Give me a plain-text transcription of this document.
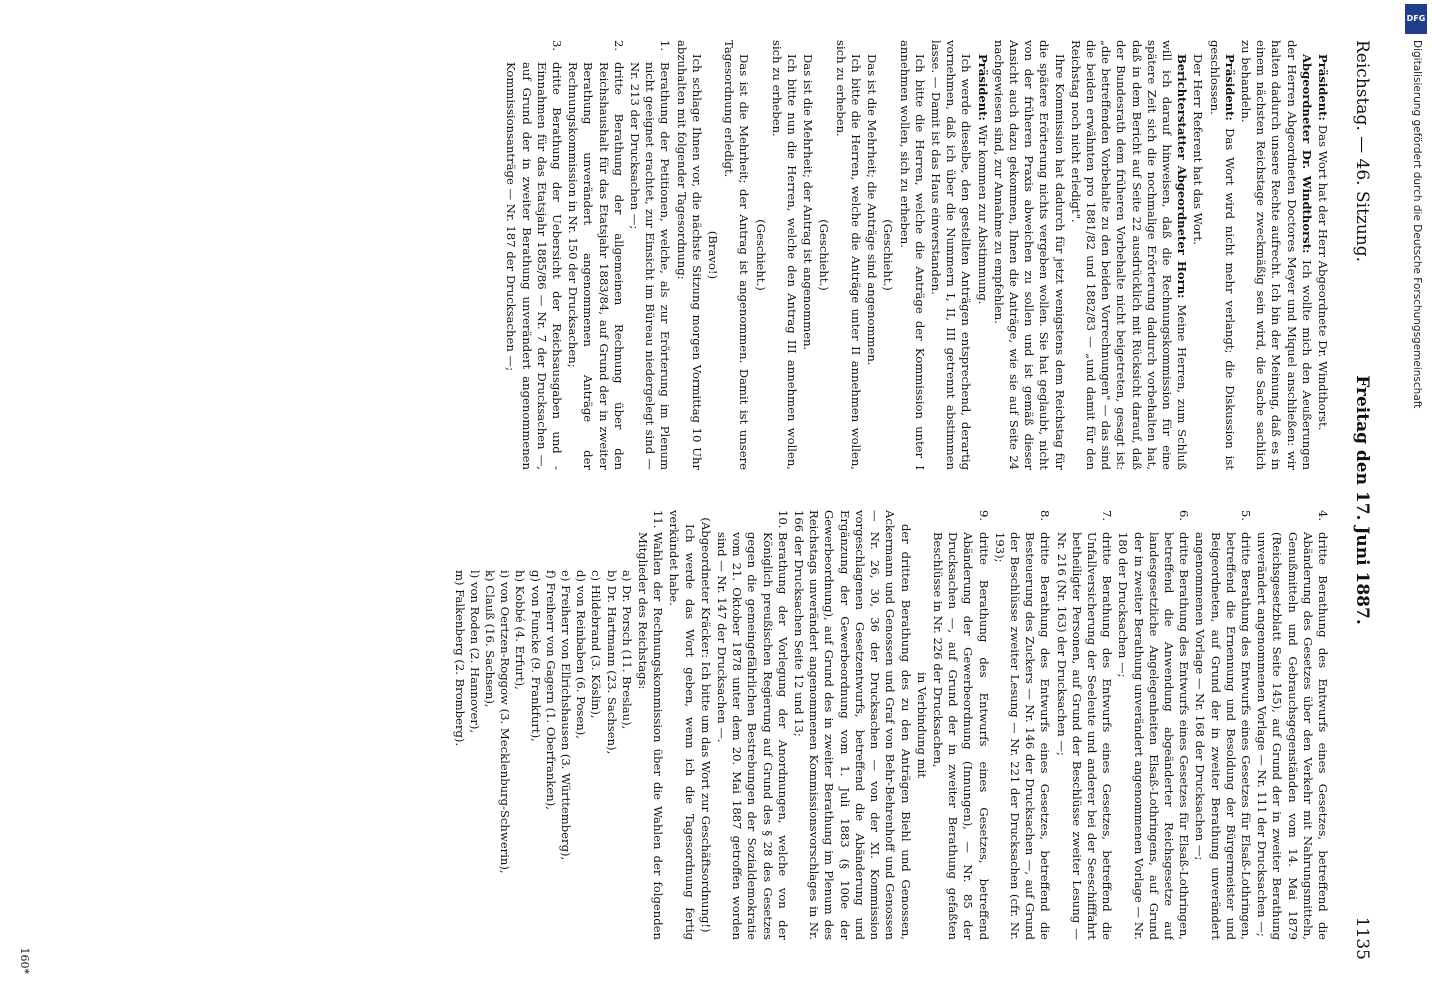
Reichstag. — 46. Sitzung.
Freitag den 17. Juni 1887.
1135

Präsident: Das Wort hat der Herr Abgeordnete Dr. Windthorst.

Abgeordneter Dr. Windthorst: Ich wollte mich den Aeußerungen der Herren Abgeordneten Doctores Meyer und Miquel anschließen: wir halten dadurch unsere Rechte aufrecht. Ich bin der Meinung, daß es in einem nächsten Reichstage zweckmäßig sein wird, die Sache sachlich zu behandeln.

Präsident: Das Wort wird nicht mehr verlangt; die Diskussion ist geschlossen.

Der Herr Referent hat das Wort.

Berichterstatter Abgeordneter Horn: Meine Herren, zum Schluß will ich darauf hinweisen, daß die Rechnungskommission für eine spätere Zeit sich die nochmalige Erörterung dadurch vorbehalten hat, daß in dem Bericht auf Seite 22 ausdrücklich mit Rücksicht darauf, daß der Bundesrath dem früheren Vorbehalte nicht beigetreten, gesagt ist: „die betreffenden Vorbehalte zu den beiden Vorrechnungen" — das sind die beiden erwähnten pro 1881/82 und 1882/83 — „und damit für den Reichstag noch nicht erledigt".

Ihre Kommission hat dadurch für jetzt wenigstens dem Reichstag für die spätere Erörterung nichts vergeben wollen. Sie hat geglaubt, nicht von der früheren Praxis abweichen zu sollen und ist gemäß dieser Ansicht auch dazu gekommen, Ihnen die Anträge, wie sie auf Seite 24 nachgewiesen sind, zur Annahme zu empfehlen.

Präsident: Wir kommen zur Abstimmung.

Ich werde dieselbe, den gestellten Anträgen entsprechend, derartig vornehmen, daß ich über die Nummern I, II, III getrennt abstimmen lasse. — Damit ist das Haus einverstanden.

Ich bitte die Herren, welche die Anträge der Kommission unter I annehmen wollen, sich zu erheben.

(Geschieht.)

Das ist die Mehrheit; die Anträge sind angenommen.

Ich bitte die Herren, welche die Anträge unter II annehmen wollen, sich zu erheben.

(Geschieht.)

Das ist die Mehrheit; der Antrag ist angenommen.

Ich bitte nun die Herren, welche den Antrag III annehmen wollen, sich zu erheben.

(Geschieht.)

Das ist die Mehrheit; der Antrag ist angenommen. Damit ist unsere Tagesordnung erledigt.

(Bravo!)

Ich schlage Ihnen vor, die nächste Sitzung morgen Vormittag 10 Uhr abzuhalten mit folgender Tagesordnung:

1.
Berathung der Petitionen, welche, als zur Erörterung im Plenum nicht geeignet erachtet, zur Einsicht im Büreau niedergelegt sind — Nr. 213 der Drucksachen —;
2.
dritte Berathung der allgemeinen Rechnung über den Reichshaushalt für das Etatsjahr 1883/84, auf Grund der in zweiter Berathung unverändert angenommenen Anträge der Rechnungskommission in Nr. 150 der Drucksachen;
3.
dritte Berathung der Uebersicht der Reichsausgaben und -Einnahmen für das Etatsjahr 1885/86 — Nr. 7 der Drucksachen —, auf Grund der in zweiter Berathung unverändert angenommenen Kommissionsanträge — Nr. 187 der Drucksachen —;
4.
dritte Berathung des Entwurfs eines Gesetzes, betreffend die Abänderung des Gesetzes über den Verkehr mit Nahrungsmitteln, Genußmitteln und Gebrauchsgegenständen vom 14. Mai 1879 (Reichsgesetzblatt Seite 145), auf Grund der in zweiter Berathung unverändert angenommenen Vorlage — Nr. 111 der Drucksachen —;
5.
dritte Berathung des Entwurfs eines Gesetzes für Elsaß-Lothringen, betreffend die Ernennung und Besoldung der Bürgermeister und Beigeordneten, auf Grund der in zweiter Berathung unverändert angenommenen Vorlage — Nr. 168 der Drucksachen —;
6.
dritte Berathung des Entwurfs eines Gesetzes für Elsaß-Lothringen, betreffend die Anwendung abgeänderter Reichsgesetze auf landesgesetzliche Angelegenheiten Elsaß-Lothringens, auf Grund der in zweiter Berathung unverändert angenommenen Vorlage — Nr. 180 der Drucksachen —;
7.
dritte Berathung des Entwurfs eines Gesetzes, betreffend die Unfallversicherung der Seeleute und anderer bei der Seeschifffahrt betheiligter Personen, auf Grund der Beschlüsse zweiter Lesung — Nr. 216 (Nr. 163) der Drucksachen —;
8.
dritte Berathung des Entwurfs eines Gesetzes, betreffend die Besteuerung des Zuckers — Nr. 146 der Drucksachen —, auf Grund der Beschlüsse zweiter Lesung — Nr. 221 der Drucksachen (cfr. Nr. 193);
9.
dritte Berathung des Entwurfs eines Gesetzes, betreffend Abänderung der Gewerbeordnung (Innungen), — Nr. 85 der Drucksachen —, auf Grund der in zweiter Berathung gefaßten Beschlüsse in Nr. 226 der Drucksachen,

in Verbindung mit

der dritten Berathung des zu den Anträgen Biehl und Genossen, Ackermann und Genossen und Graf von Behr-Behrenhoff und Genossen — Nr. 26, 30, 36 der Drucksachen — von der XI. Kommission vorgeschlagenen Gesetzentwurfs, betreffend die Abänderung und Ergänzung der Gewerbeordnung vom 1. Juli 1883 (§ 100e der Gewerbeordnung), auf Grund des in zweiter Berathung im Plenum des Reichstags unverändert angenommenen Kommissionsvorschlages in Nr. 166 der Drucksachen Seite 12 und 13;

10.
Berathung der Vorlegung der Anordnungen, welche von der Königlich preußischen Regierung auf Grund des § 28 des Gesetzes gegen die gemeingefährlichen Bestrebungen der Sozialdemokratie vom 21. Oktober 1878 unter dem 20. Mai 1887 getroffen worden sind — Nr. 147 der Drucksachen —.

(Abgeordneter Kräcker: Ich bitte um das Wort zur Geschäftsordnung!)

Ich werde das Wort geben, wenn ich die Tagesordnung fertig verkündet habe.

11.
Wahlen der Rechnungskommission über die Wahlen der folgenden Mitglieder des Reichstags:
a) Dr. Porsch (11. Breslau),
b) Dr. Hartmann (23. Sachsen),
c) Hildebrand (3. Köslin),
d) von Reinbaben (6. Posen),
e) Freiherr von Ellrichshausen (3. Württemberg),
f) Freiherr von Gagern (1. Oberfranken),
g) von Funcke (9. Frankfurt),
h) Kobbé (4. Erfurt),
i) von Oertzen-Roggow (3. Mecklenburg-Schwerin),
k) Clauß (16. Sachsen),
l) von Roden (2. Hannover),
m) Falkenberg (2. Bromberg).
160*
DFG
Digitalisierung gefördert durch die Deutsche Forschungsgemeinschaft
